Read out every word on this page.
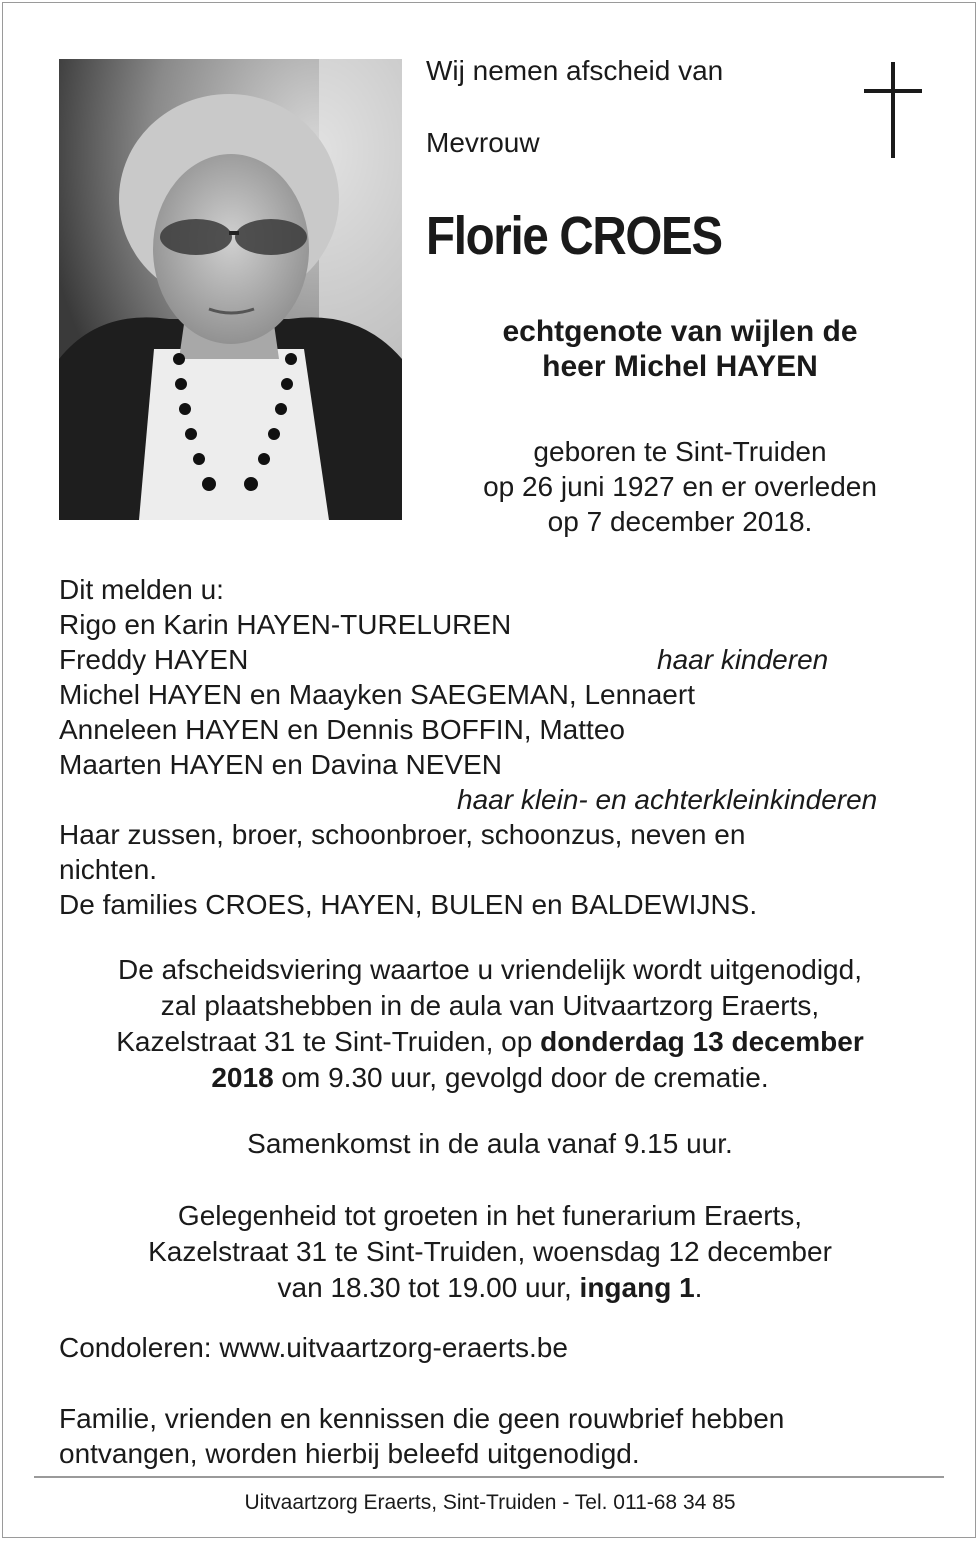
Wij nemen afscheid van
Mevrouw
Florie CROES
echtgenote van wijlen de
heer Michel HAYEN
geboren te Sint-Truiden
op 26 juni 1927 en er overleden
op 7 december 2018.
Dit melden u:
Rigo en Karin HAYEN-TURELUREN
Freddy HAYEN	haar kinderen
Michel HAYEN en Maayken SAEGEMAN, Lennaert
Anneleen HAYEN en Dennis BOFFIN, Matteo
Maarten HAYEN en Davina NEVEN
haar klein- en achterkleinkinderen
Haar zussen, broer, schoonbroer, schoonzus, neven en
nichten.
De families CROES, HAYEN, BULEN en BALDEWIJNS.
De afscheidsviering waartoe u vriendelijk wordt uitgenodigd,
zal plaatshebben in de aula van Uitvaartzorg Eraerts,
Kazelstraat 31 te Sint-Truiden, op donderdag 13 december
2018 om 9.30 uur, gevolgd door de crematie.
Samenkomst in de aula vanaf 9.15 uur.
Gelegenheid tot groeten in het funerarium Eraerts,
Kazelstraat 31 te Sint-Truiden, woensdag 12 december
van 18.30 tot 19.00 uur, ingang 1.
Condoleren: www.uitvaartzorg-eraerts.be
Familie, vrienden en kennissen die geen rouwbrief hebben
ontvangen, worden hierbij beleefd uitgenodigd.
Uitvaartzorg Eraerts, Sint-Truiden - Tel. 011-68 34 85
